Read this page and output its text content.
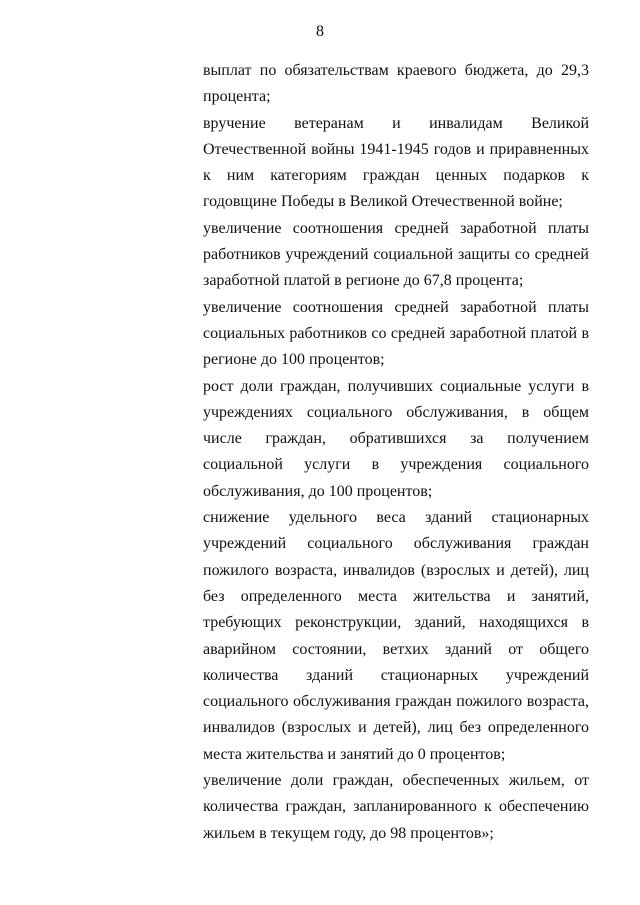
8

выплат по обязательствам краевого бюджета, до 29,3 процента;

вручение ветеранам и инвалидам Великой Отечественной войны 1941-1945 годов и приравненных к ним категориям граждан ценных подарков к годовщине Победы в Великой Отечественной войне;

увеличение соотношения средней заработной платы работников учреждений социальной защиты со средней заработной платой в регионе до 67,8 процента;

увеличение соотношения средней заработной платы социальных работников со средней заработной платой в регионе до 100 процентов;

рост доли граждан, получивших социальные услуги в учреждениях социального обслуживания, в общем числе граждан, обратившихся за получением социальной услуги в учреждения социального обслуживания, до 100 процентов;

снижение удельного веса зданий стационарных учреждений социального обслуживания граждан пожилого возраста, инвалидов (взрослых и детей), лиц без определенного места жительства и занятий, требующих реконструкции, зданий, находящихся в аварийном состоянии, ветхих зданий от общего количества зданий стационарных учреждений социального обслуживания граждан пожилого возраста, инвалидов (взрослых и детей), лиц без определенного места жительства и занятий до 0 процентов;

увеличение доли граждан, обеспеченных жильем, от количества граждан, запланированного к обеспечению жильем в текущем году, до 98 процентов»;
